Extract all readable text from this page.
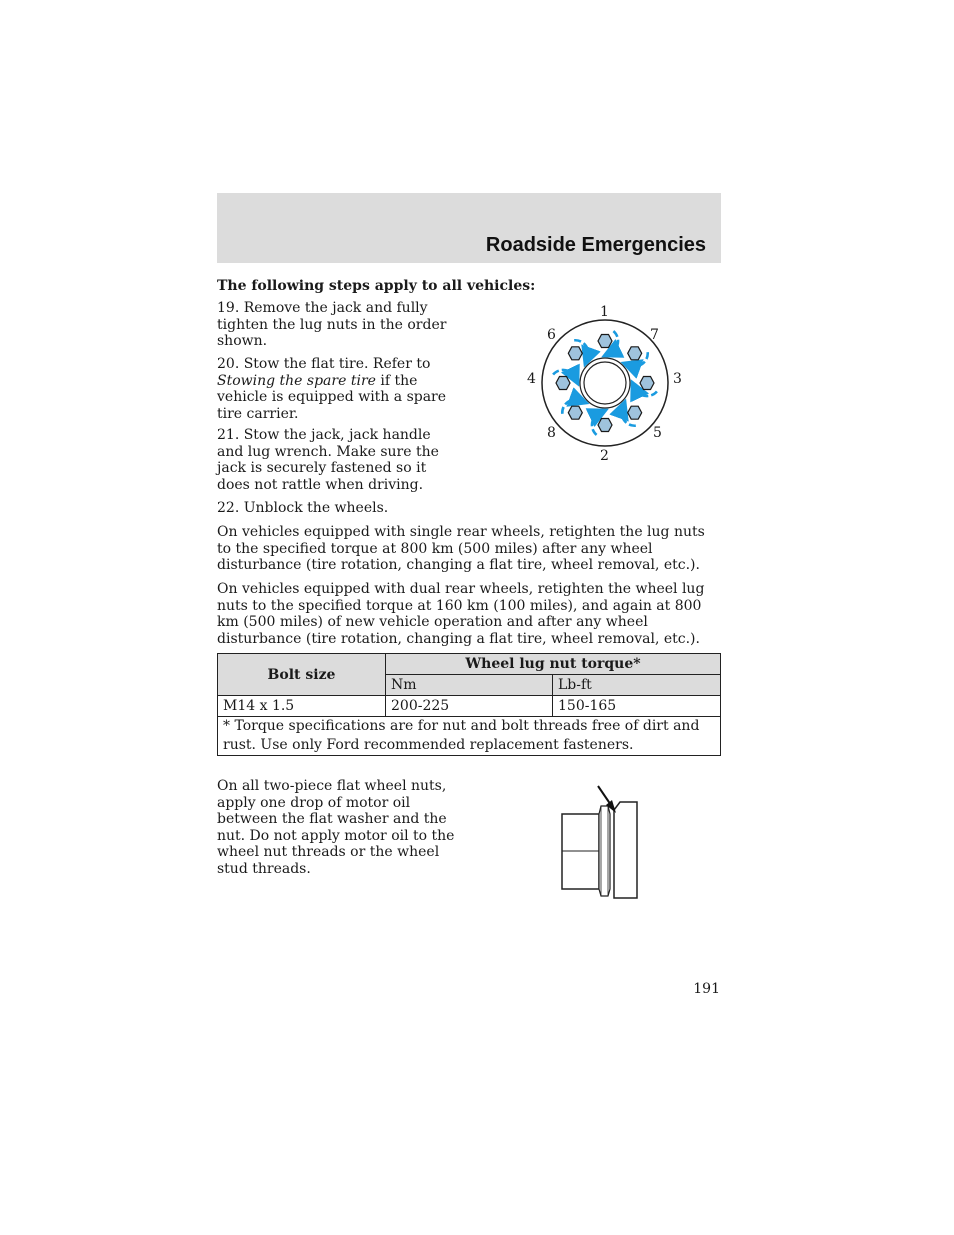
Roadside Emergencies

The following steps apply to all vehicles:

19. Remove the jack and fully tighten the lug nuts in the order shown.

20. Stow the flat tire. Refer to
Stowing the spare tire if the vehicle is equipped with a spare tire carrier.

21. Stow the jack, jack handle and lug wrench. Make sure the jack is securely fastened so it does not rattle when driving.

22. Unblock the wheels.

1
2
3
4
5
6	7
8

On vehicles equipped with single rear wheels, retighten the lug nuts to the specified torque at 800 km (500 miles) after any wheel disturbance (tire rotation, changing a flat tire, wheel removal, etc.).

On vehicles equipped with dual rear wheels, retighten the wheel lug nuts to the specified torque at 160 km (100 miles), and again at 800 km (500 miles) of new vehicle operation and after any wheel disturbance (tire rotation, changing a flat tire, wheel removal, etc.).

Bolt size	Wheel lug nut torque*	
	Nm	Lb-ft
M14 x 1.5	200-225	150-165
* Torque specifications are for nut and bolt threads free of dirt and rust. Use only Ford recommended replacement fasteners.		

On all two-piece flat wheel nuts, apply one drop of motor oil between the flat washer and the nut. Do not apply motor oil to the wheel nut threads or the wheel stud threads.

191
